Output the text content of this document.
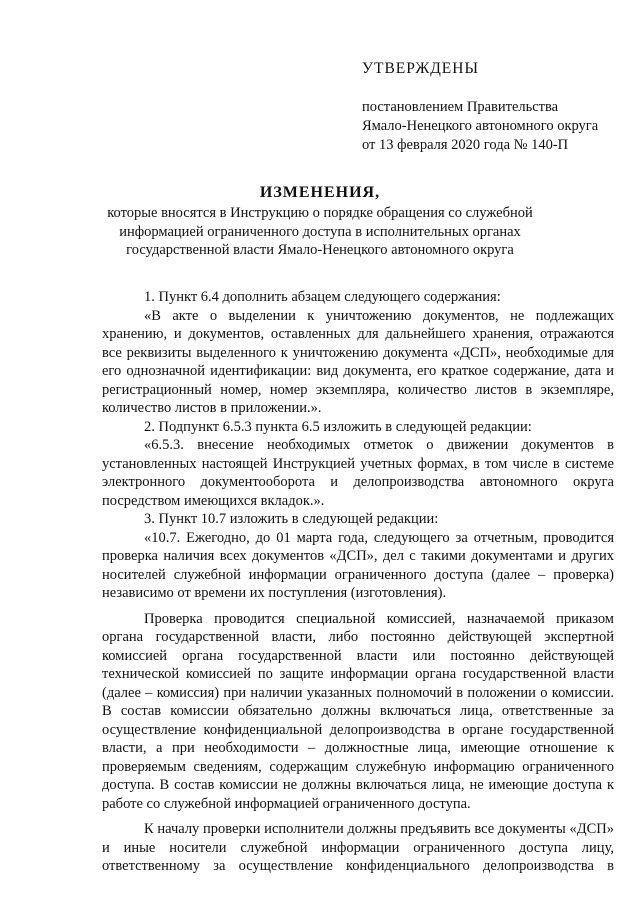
УТВЕРЖДЕНЫ
постановлением Правительства
Ямало-Ненецкого автономного округа
от 13 февраля 2020 года № 140-П
ИЗМЕНЕНИЯ,
которые вносятся в Инструкцию о порядке обращения со служебной
информацией ограниченного доступа в исполнительных органах
государственной власти Ямало-Ненецкого автономного округа

1. Пункт 6.4 дополнить абзацем следующего содержания:

«В акте о выделении к уничтожению документов, не подлежащих хранению, и документов, оставленных для дальнейшего хранения, отражаются все реквизиты выделенного к уничтожению документа «ДСП», необходимые для его однозначной идентификации: вид документа, его краткое содержание, дата и регистрационный номер, номер экземпляра, количество листов в экземпляре, количество листов в приложении.».

2. Подпункт 6.5.3 пункта 6.5 изложить в следующей редакции:

«6.5.3. внесение необходимых отметок о движении документов в установленных настоящей Инструкцией учетных формах, в том числе в системе электронного документооборота и делопроизводства автономного округа посредством имеющихся вкладок.».

3. Пункт 10.7 изложить в следующей редакции:

«10.7. Ежегодно, до 01 марта года, следующего за отчетным, проводится проверка наличия всех документов «ДСП», дел с такими документами и других носителей служебной информации ограниченного доступа (далее – проверка) независимо от времени их поступления (изготовления).

Проверка проводится специальной комиссией, назначаемой приказом органа государственной власти, либо постоянно действующей экспертной комиссией органа государственной власти или постоянно действующей технической комиссией по защите информации органа государственной власти (далее – комиссия) при наличии указанных полномочий в положении о комиссии. В состав комиссии обязательно должны включаться лица, ответственные за осуществление конфиденциальной делопроизводства в органе государственной власти, а при необходимости – должностные лица, имеющие отношение к проверяемым сведениям, содержащим служебную информацию ограниченного доступа. В состав комиссии не должны включаться лица, не имеющие доступа к работе со служебной информацией ограниченного доступа.

К началу проверки исполнители должны предъявить все документы «ДСП» и иные носители служебной информации ограниченного доступа лицу, ответственному за осуществление конфиденциального делопроизводства в
